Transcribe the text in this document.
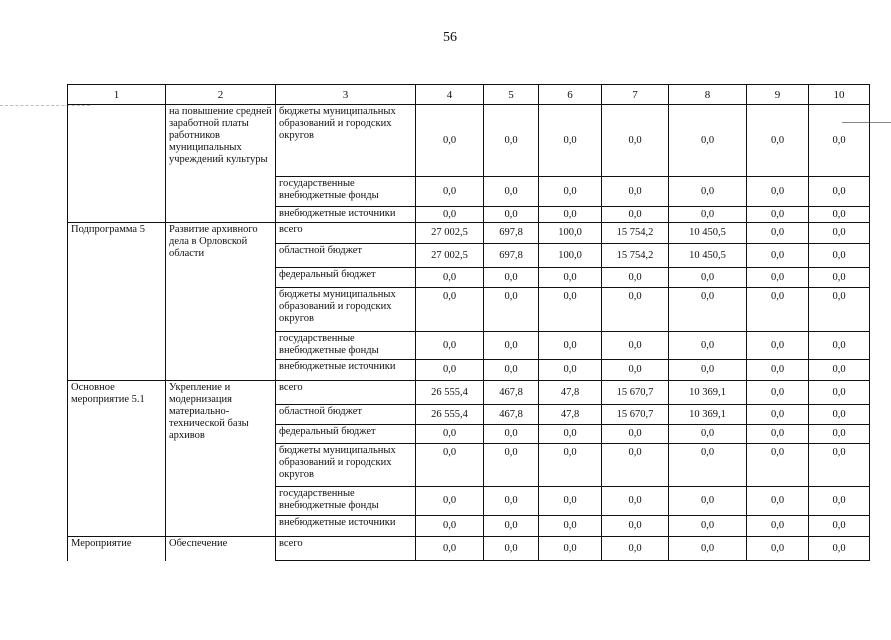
56
1	2	3	4	5	6	7	8	9	10
	на повышение средней заработной платы работников муниципальных учреждений культуры	бюджеты муниципальных образований и городских округов	0,0	0,0	0,0	0,0	0,0	0,0	0,0
		государственные внебюджетные фонды	0,0	0,0	0,0	0,0	0,0	0,0	0,0
		внебюджетные источники	0,0	0,0	0,0	0,0	0,0	0,0	0,0
Подпрограмма 5	Развитие архивного дела в Орловской области	всего	27 002,5	697,8	100,0	15 754,2	10 450,5	0,0	0,0
		областной бюджет	27 002,5	697,8	100,0	15 754,2	10 450,5	0,0	0,0
		федеральный бюджет	0,0	0,0	0,0	0,0	0,0	0,0	0,0
		бюджеты муниципальных образований и городских округов	0,0	0,0	0,0	0,0	0,0	0,0	0,0
		государственные внебюджетные фонды	0,0	0,0	0,0	0,0	0,0	0,0	0,0
		внебюджетные источники	0,0	0,0	0,0	0,0	0,0	0,0	0,0
Основное мероприятие 5.1	Укрепление и модернизация материально-технической базы архивов	всего	26 555,4	467,8	47,8	15 670,7	10 369,1	0,0	0,0
		областной бюджет	26 555,4	467,8	47,8	15 670,7	10 369,1	0,0	0,0
		федеральный бюджет	0,0	0,0	0,0	0,0	0,0	0,0	0,0
		бюджеты муниципальных образований и городских округов	0,0	0,0	0,0	0,0	0,0	0,0	0,0
		государственные внебюджетные фонды	0,0	0,0	0,0	0,0	0,0	0,0	0,0
		внебюджетные источники	0,0	0,0	0,0	0,0	0,0	0,0	0,0
Мероприятие	Обеспечение	всего	0,0	0,0	0,0	0,0	0,0	0,0	0,0
